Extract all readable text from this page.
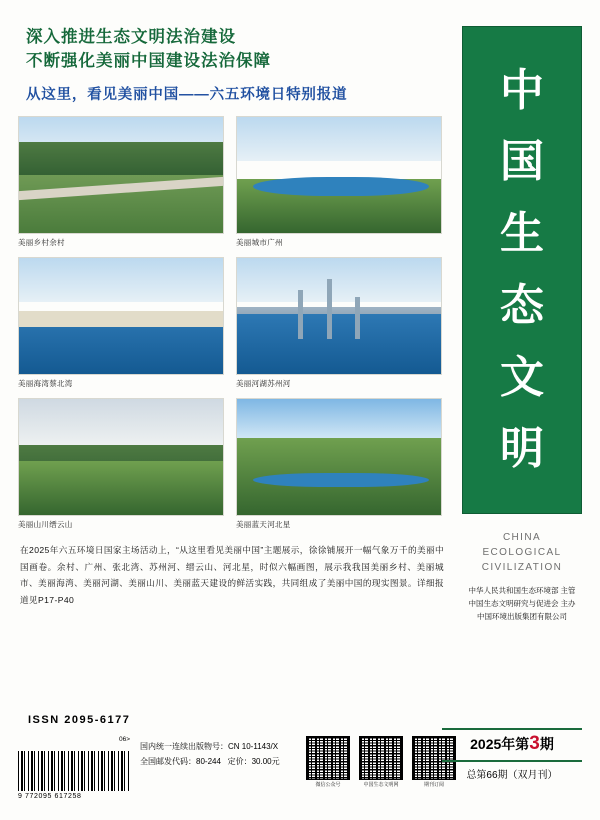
深入推进生态文明法治建设
不断强化美丽中国建设法治保障
从这里，看见美丽中国——六五环境日特别报道
美丽乡村余村	美丽城市广州
美丽海湾蔡北湾	美丽河湖苏州河
美丽山川缙云山	美丽蓝天河北星
在2025年六五环境日国家主场活动上，“从这里看见美丽中国”主题展示，徐徐铺展开一幅气象万千的美丽中国画卷。余村、广州、张北湾、苏州河、缙云山、河北星，时似六幅画图，展示我我国美丽乡村、美丽城市、美丽海湾、美丽河湖、美丽山川、美丽蓝天建设的鲜活实践，共同组成了美丽中国的现实图景。详细报道见P17-P40
中
国
生
态
文
明
CHINA ECOLOGICAL CIVILIZATION
中华人民共和国生态环境部 主管
中国生态文明研究与促进会 主办
中国环境出版集团有限公司
ISSN 2095-6177
06>
9 772095 617258
国内统一连续出版物号：CN 10-1143/X
全国邮发代码：80-244 定价：30.00元
微信公众号	中国生态文明网	期刊订阅
2025年第3期
总第66期（双月刊）
